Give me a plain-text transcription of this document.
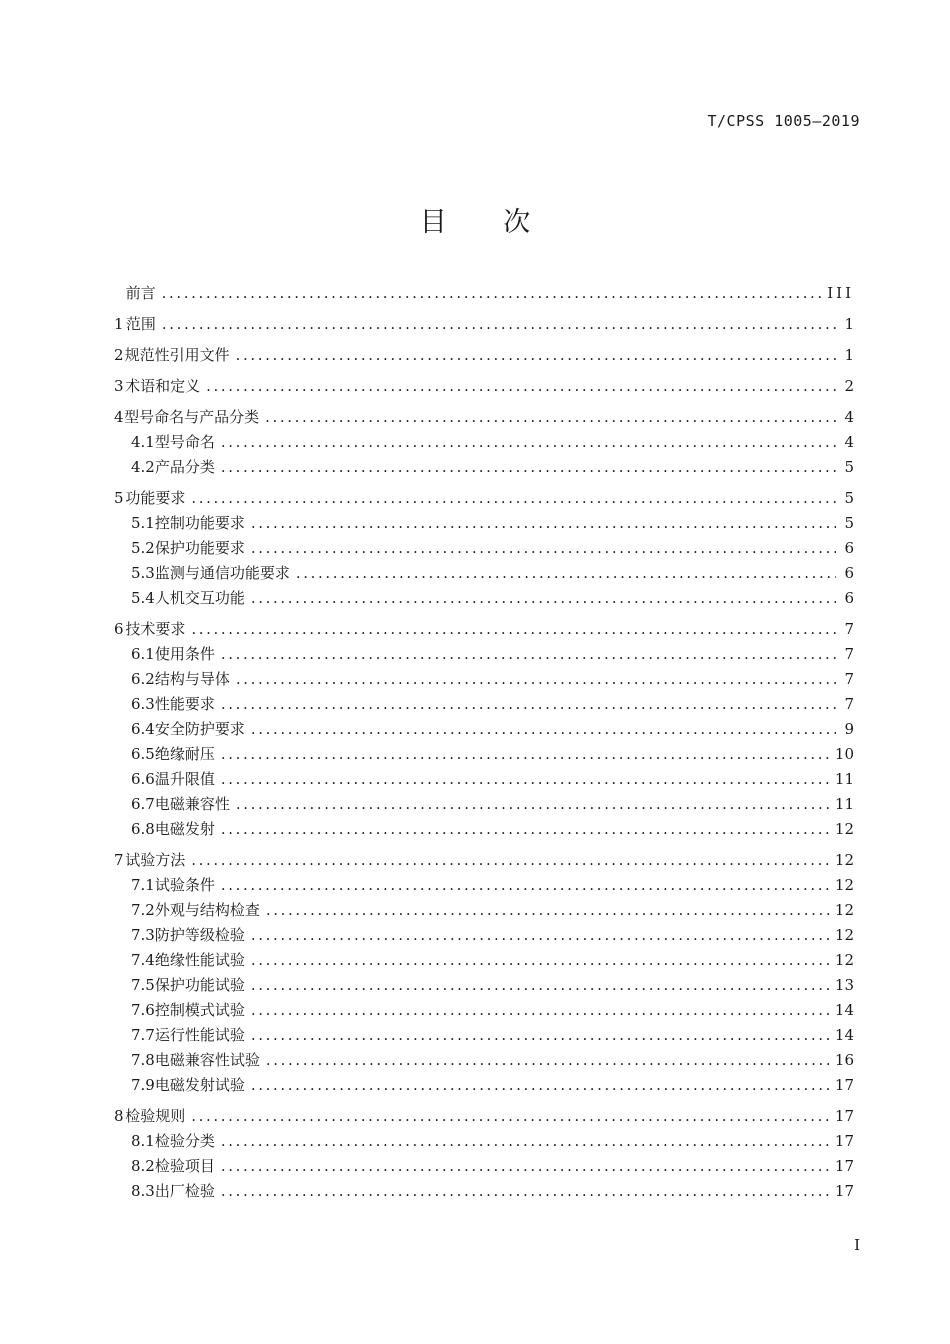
T/CPSS 1005—2019
目 次
前言 .....	III
1 范围 .....	1
2 规范性引用文件 .....	1
3 术语和定义 .....	2
4 型号命名与产品分类 .....	4
4.1 型号命名 .....	4
4.2 产品分类 .....	5
5 功能要求 .....	5
5.1 控制功能要求 .....	5
5.2 保护功能要求 .....	6
5.3 监测与通信功能要求 .....	6
5.4 人机交互功能 .....	6
6 技术要求 .....	7
6.1 使用条件 .....	7
6.2 结构与导体 .....	7
6.3 性能要求 .....	7
6.4 安全防护要求 .....	9
6.5 绝缘耐压 .....	10
6.6 温升限值 .....	11
6.7 电磁兼容性 .....	11
6.8 电磁发射 .....	12
7 试验方法 .....	12
7.1 试验条件 .....	12
7.2 外观与结构检查 .....	12
7.3 防护等级检验 .....	12
7.4 绝缘性能试验 .....	12
7.5 保护功能试验 .....	13
7.6 控制模式试验 .....	14
7.7 运行性能试验 .....	14
7.8 电磁兼容性试验 .....	16
7.9 电磁发射试验 .....	17
8 检验规则 .....	17
8.1 检验分类 .....	17
8.2 检验项目 .....	17
8.3 出厂检验 .....	17
I
